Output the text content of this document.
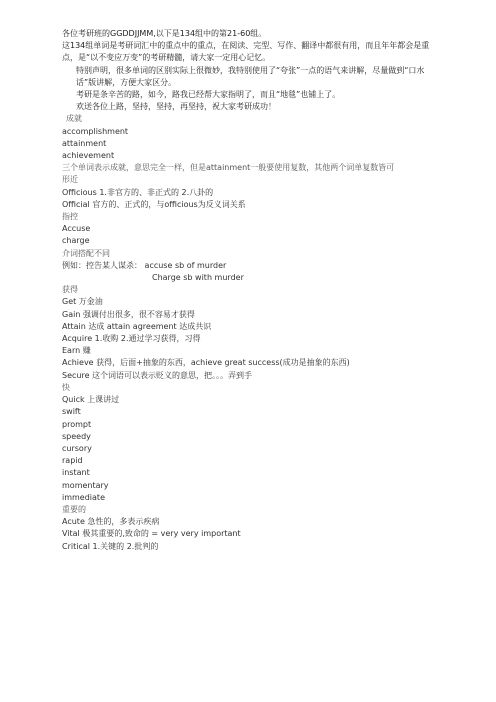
各位考研班的GGDDJJMM,以下是134组中的第21-60组。
这134组单词是考研词汇中的重点中的重点，在阅读、完型、写作、翻译中都很有用，而且年年都会是重点，是“以不变应万变”的考研精髓，请大家一定用心记忆。
特别声明，很多单词的区别实际上很微妙，我特别使用了“夸张”一点的语气来讲解，尽量做到“口水话”版讲解，方便大家区分。
考研是条辛苦的路，如今，路我已经帮大家指明了，而且“地毯”也铺上了。
欢送各位上路，坚持，坚持，再坚持，祝大家考研成功！
成就
accomplishment
attainment
achievement
三个单词表示成就，意思完全一样，但是attainment一般要使用复数，其他两个词单复数皆可
形近
Officious 1.非官方的、非正式的 2.八卦的
Official 官方的、正式的，与officious为反义词关系
指控
Accuse
charge
介词搭配不同
例如：控告某人谋杀： accuse sb of murder
Charge sb with murder
获得
Get 万金油
Gain 强调付出很多，很不容易才获得
Attain 达成 attain agreement 达成共识
Acquire 1.收购 2.通过学习获得，习得
Earn 赚
Achieve 获得，后面+抽象的东西，achieve great success(成功是抽象的东西)
Secure 这个词语可以表示贬义的意思，把。。。弄到手
快
Quick 上课讲过
swift
prompt
speedy
cursory
rapid
instant
momentary
immediate
重要的
Acute 急性的，多表示疾病
Vital 极其重要的,致命的 = very very important
Critical 1.关键的 2.批判的
